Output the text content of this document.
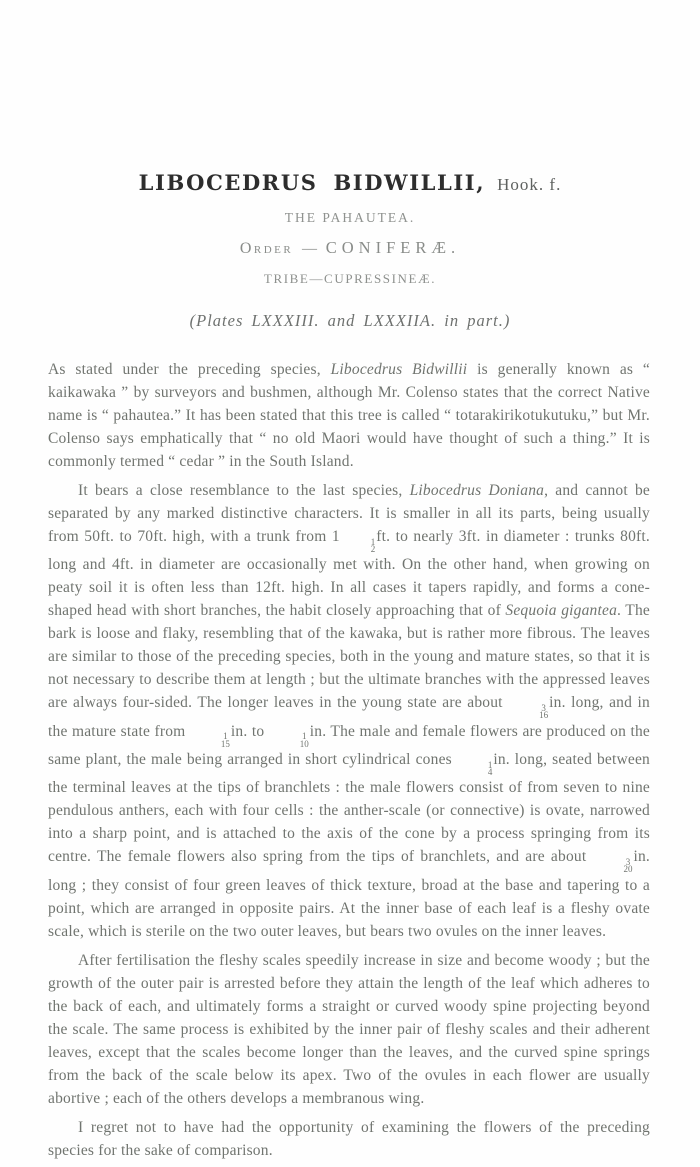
LIBOCEDRUS BIDWILLII, Hook. f.
THE PAHAUTEA.
Order — CONIFERÆ.
TRIBE—CUPRESSINEÆ.
(Plates LXXXIII. and LXXXIIA. in part.)

As stated under the preceding species, Libocedrus Bidwillii is generally known as “ kaikawaka ” by surveyors and bushmen, although Mr. Colenso states that the correct Native name is “ pahautea.” It has been stated that this tree is called “ totarakirikotukutuku,” but Mr. Colenso says emphatically that “ no old Maori would have thought of such a thing.” It is commonly termed “ cedar ” in the South Island.

It bears a close resemblance to the last species, Libocedrus Doniana, and cannot be separated by any marked distinctive characters. It is smaller in all its parts, being usually from 50ft. to 70ft. high, with a trunk from 1	1
2
ft. to nearly 3ft. in diameter : trunks 80ft. long and 4ft. in diameter are occasionally met with. On the other hand, when growing on peaty soil it is often less than 12ft. high. In all cases it tapers rapidly, and forms a cone-shaped head with short branches, the habit closely approaching that of Sequoia gigantea. The bark is loose and flaky, resembling that of the kawaka, but is rather more fibrous. The leaves are similar to those of the preceding species, both in the young and mature states, so that it is not necessary to describe them at length ; but the ultimate branches with the appressed leaves are always four-sided. The longer leaves in the young state are about	3
16
in. long, and in the mature state from	1
15
in. to	1
10
in. The male and female flowers are produced on the same plant, the male being arranged in short cylindrical cones	1
4
in. long, seated between the terminal leaves at the tips of branchlets : the male flowers consist of from seven to nine pendulous anthers, each with four cells : the anther-scale (or connective) is ovate, narrowed into a sharp point, and is attached to the axis of the cone by a process springing from its centre. The female flowers also spring from the tips of branchlets, and are about	3
20
in. long ; they consist of four green leaves of thick texture, broad at the base and tapering to a point, which are arranged in opposite pairs. At the inner base of each leaf is a fleshy ovate scale, which is sterile on the two outer leaves, but bears two ovules on the inner leaves.

After fertilisation the fleshy scales speedily increase in size and become woody ; but the growth of the outer pair is arrested before they attain the length of the leaf which adheres to the back of each, and ultimately forms a straight or curved woody spine projecting beyond the scale. The same process is exhibited by the inner pair of fleshy scales and their adherent leaves, except that the scales become longer than the leaves, and the curved spine springs from the back of the scale below its apex. Two of the ovules in each flower are usually abortive ; each of the others develops a membranous wing.

I regret not to have had the opportunity of examining the flowers of the preceding species for the sake of comparison.
